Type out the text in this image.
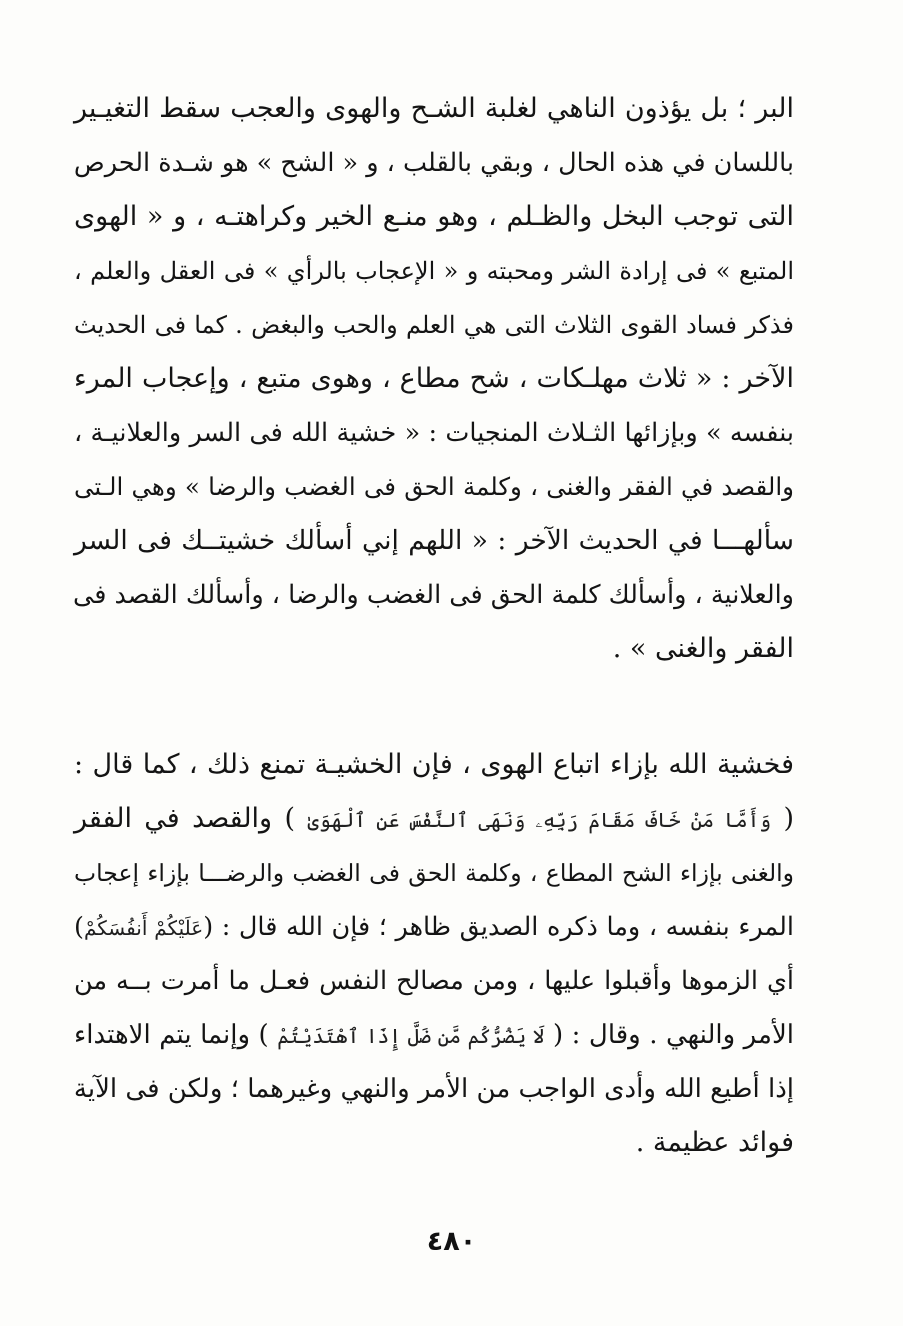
البر ؛ بل يؤذون الناهي لغلبة الشـح والهوى والعجب سقط التغيـير
باللسان في هذه الحال ، وبقي بالقلب ، و « الشح » هو شـدة الحرص
التى توجب البخل والظـلم ، وهو منـع الخير وكراهتـه ، و « الهوى
المتبع » فى إرادة الشر ومحبته و « الإعجاب بالرأي » فى العقل والعلم ،
فذكر فساد القوى الثلاث التى هي العلم والحب والبغض . كما فى الحديث
الآخر : « ثلاث مهلـكات ، شح مطاع ، وهوى متبع ، وإعجاب المرء
بنفسه » وبإزائها الثـلاث المنجيات : « خشية الله فى السر والعلانيـة ،
والقصد في الفقر والغنى ، وكلمة الحق فى الغضب والرضا » وهي الـتى
سألهـــا في الحديث الآخر : « اللهم إني أسألك خشيتــك فى السر
والعلانية ، وأسألك كلمة الحق فى الغضب والرضا ، وأسألك القصد فى
الفقر والغنى » .
فخشية الله بإزاء اتباع الهوى ، فإن الخشيـة تمنع ذلك ، كما قال :
( وَأَمَّا مَنْ خَافَ مَقَامَ رَبِّهِۦ وَنَهَى ٱلنَّفْسَ عَنِ ٱلْهَوَىٰ ) والقصد في الفقر
والغنى بإزاء الشح المطاع ، وكلمة الحق فى الغضب والرضـــا بإزاء إعجاب
المرء بنفسه ، وما ذكره الصديق ظاهر ؛ فإن الله قال : (عَلَيْكُمْ أَنفُسَكُمْ)
أي الزموها وأقبلوا عليها ، ومن مصالح النفس فعـل ما أمرت بــه من
الأمر والنهي . وقال : ( لَا يَضُرُّكُم مَّن ضَلَّ إِذَا ٱهْتَدَيْتُمْ ) وإنما يتم الاهتداء
إذا أطيع الله وأدى الواجب من الأمر والنهي وغيرهما ؛ ولكن فى الآية
فوائد عظيمة .
٤٨٠
